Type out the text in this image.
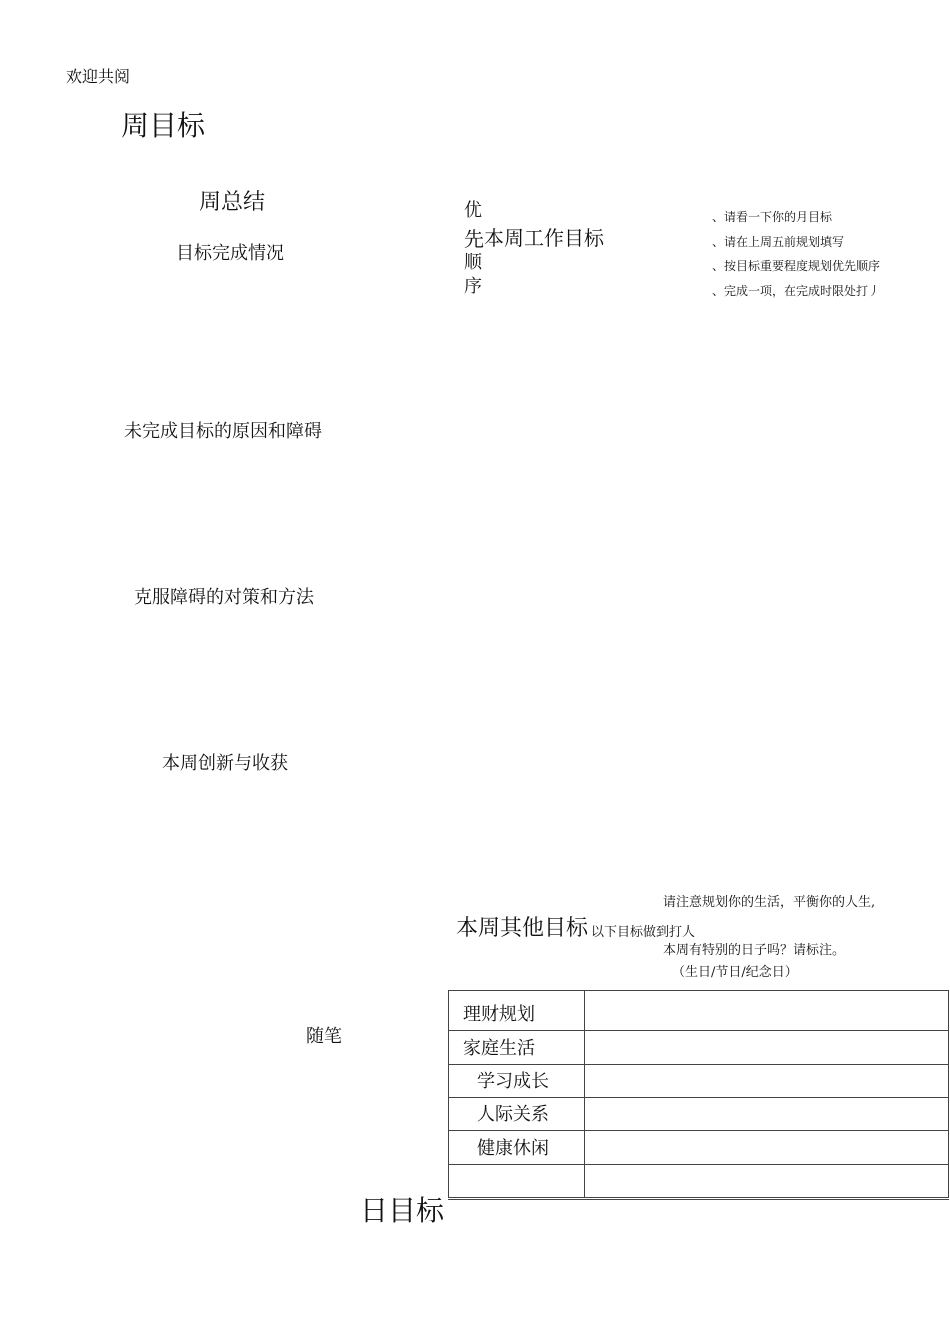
欢迎共阅
周目标
周总结
目标完成情况
未完成目标的原因和障碍
克服障碍的对策和方法
本周创新与收获
优
先 本周工作目标
顺
序
、请看一下你的月目标
、请在上周五前规划填写
、按目标重要程度规划优先顺序
、完成一项，在完成时限处打丿
请注意规划你的生活，平衡你的人生,
本周其他目标 以下目标做到打人
本周有特别的日子吗？请标注。
（生日/节日/纪念日）
随笔
理财规划	
家庭生活	
学习成长	
人际关系	
健康休闲	

日目标
